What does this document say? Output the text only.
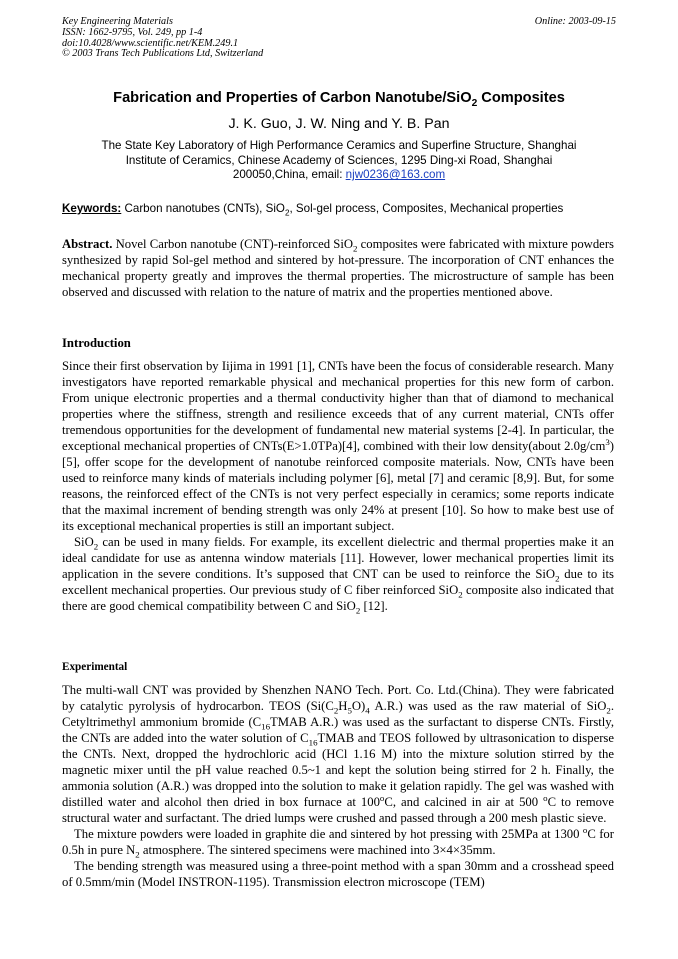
Key Engineering Materials
ISSN: 1662-9795, Vol. 249, pp 1-4
doi:10.4028/www.scientific.net/KEM.249.1
© 2003 Trans Tech Publications Ltd, Switzerland
Online: 2003-09-15
Fabrication and Properties of Carbon Nanotube/SiO$_2$ Composites
J. K. Guo, J. W. Ning and Y. B. Pan
The State Key Laboratory of High Performance Ceramics and Superfine Structure, Shanghai
Institute of Ceramics, Chinese Academy of Sciences, 1295 Ding-xi Road, Shanghai
200050,China, email: njw0236@163.com
Keywords: Carbon nanotubes (CNTs), SiO$_2$, Sol-gel process, Composites, Mechanical properties

Abstract. Novel Carbon nanotube (CNT)-reinforced SiO$_2$ composites were fabricated with mixture powders synthesized by rapid Sol-gel method and sintered by hot-pressure. The incorporation of CNT enhances the mechanical property greatly and improves the thermal properties. The microstructure of sample has been observed and discussed with relation to the nature of matrix and the properties mentioned above.

Introduction

Since their first observation by Iijima in 1991 [1], CNTs have been the focus of considerable research. Many investigators have reported remarkable physical and mechanical properties for this new form of carbon. From unique electronic properties and a thermal conductivity higher than that of diamond to mechanical properties where the stiffness, strength and resilience exceeds that of any current material, CNTs offer tremendous opportunities for the development of fundamental new material systems [2-4]. In particular, the exceptional mechanical properties of CNTs(E>1.0TPa)[4], combined with their low density(about $2.0g/cm^3$) [5], offer scope for the development of nanotube reinforced composite materials. Now, CNTs have been used to reinforce many kinds of materials including polymer [6], metal [7] and ceramic [8,9]. But, for some reasons, the reinforced effect of the CNTs is not very perfect especially in ceramics; some reports indicate that the maximal increment of bending strength was only 24% at present [10]. So how to make best use of its exceptional mechanical properties is still an important subject.

SiO$_2$ can be used in many fields. For example, its excellent dielectric and thermal properties make it an ideal candidate for use as antenna window materials [11]. However, lower mechanical properties limit its application in the severe conditions. It’s supposed that CNT can be used to reinforce the SiO$_2$ due to its excellent mechanical properties. Our previous study of C fiber reinforced SiO$_2$ composite also indicated that there are good chemical compatibility between C and SiO$_2$ [12].

Experimental

The multi-wall CNT was provided by Shenzhen NANO Tech. Port. Co. Ltd.(China). They were fabricated by catalytic pyrolysis of hydrocarbon. TEOS ($Si(C_2H_5O)_4$ A.R.) was used as the raw material of SiO$_2$. Cetyltrimethyl ammonium bromide ($C_{16}TMAB$ A.R.) was used as the surfactant to disperse CNTs. Firstly, the CNTs are added into the water solution of $C_{16}TMAB$ and TEOS followed by ultrasonication to disperse the CNTs. Next, dropped the hydrochloric acid (HCl 1.16 M) into the mixture solution stirred by the magnetic mixer until the pH value reached 0.5~1 and kept the solution being stirred for 2 h. Finally, the ammonia solution (A.R.) was dropped into the solution to make it gelation rapidly. The gel was washed with distilled water and alcohol then dried in box furnace at 100$^o$C, and calcined in air at 500 $^o$C to remove structural water and surfactant. The dried lumps were crushed and passed through a 200 mesh plastic sieve.

The mixture powders were loaded in graphite die and sintered by hot pressing with 25MPa at 1300 $^o$C for 0.5h in pure $N_2$ atmosphere. The sintered specimens were machined into 3×4×35mm.

The bending strength was measured using a three-point method with a span 30mm and a crosshead speed of 0.5mm/min (Model INSTRON-1195). Transmission electron microscope (TEM)
